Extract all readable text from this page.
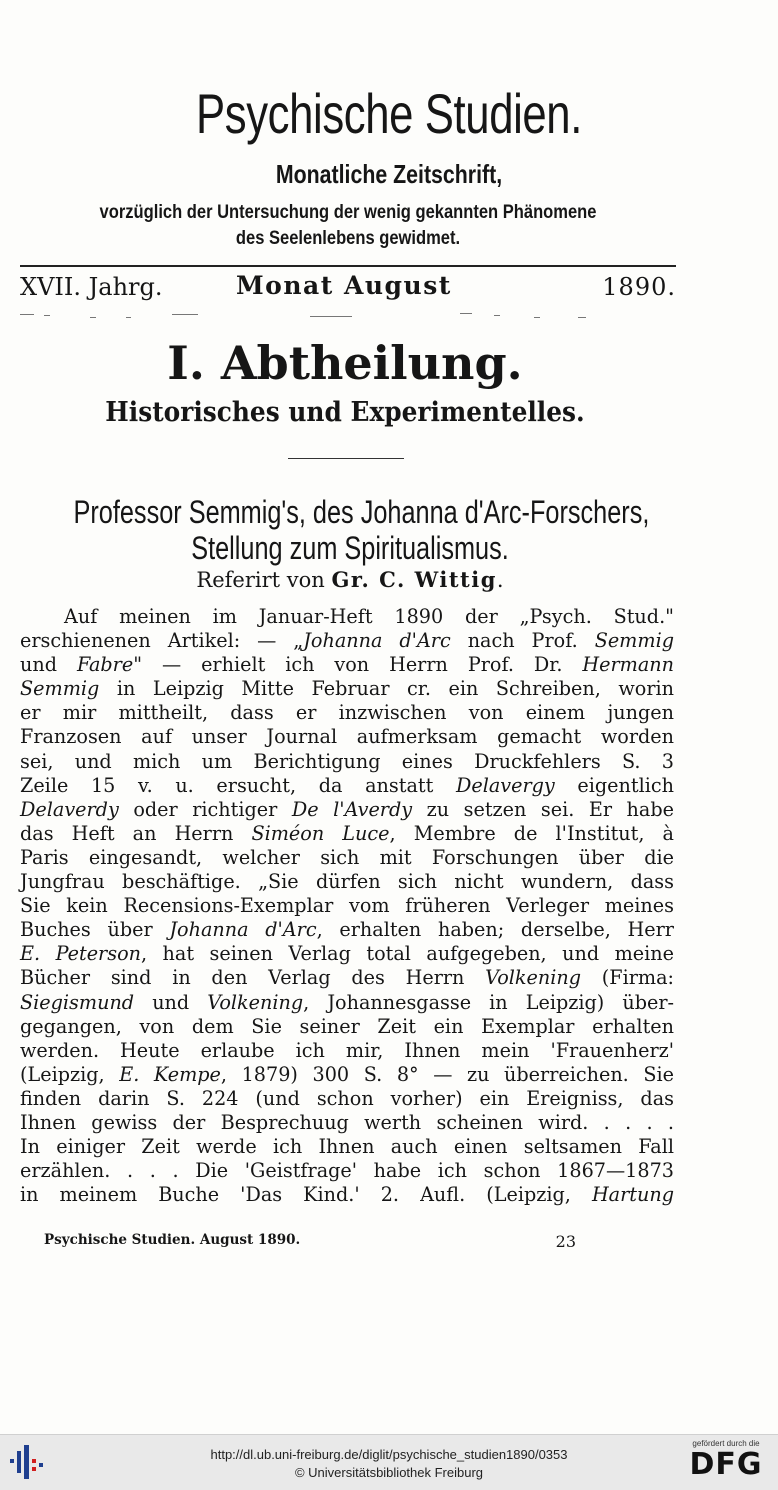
Psychische Studien.
Monatliche Zeitschrift,
vorzüglich der Untersuchung der wenig gekannten Phänomene
des Seelenlebens gewidmet.
XVII. Jahrg.	Monat August	1890.
I. Abtheilung.
Historisches und Experimentelles.
Professor Semmig's, des Johanna d'Arc-Forschers,
Stellung zum Spiritualismus.
Referirt von Gr. C. Wittig.
Auf meinen im Januar-Heft 1890 der „Psych. Stud."
erschienenen Artikel: — „Johanna d'Arc nach Prof. Semmig
und Fabre" — erhielt ich von Herrn Prof. Dr. Hermann
Semmig in Leipzig Mitte Februar cr. ein Schreiben, worin
er mir mittheilt, dass er inzwischen von einem jungen
Franzosen auf unser Journal aufmerksam gemacht worden
sei, und mich um Berichtigung eines Druckfehlers S. 3
Zeile 15 v. u. ersucht, da anstatt Delavergy eigentlich
Delaverdy oder richtiger De l'Averdy zu setzen sei. Er habe
das Heft an Herrn Siméon Luce, Membre de l'Institut, à
Paris eingesandt, welcher sich mit Forschungen über die
Jungfrau beschäftige. „Sie dürfen sich nicht wundern, dass
Sie kein Recensions-Exemplar vom früheren Verleger meines
Buches über Johanna d'Arc, erhalten haben; derselbe, Herr
E. Peterson, hat seinen Verlag total aufgegeben, und meine
Bücher sind in den Verlag des Herrn Volkening (Firma:
Siegismund und Volkening, Johannesgasse in Leipzig) über-
gegangen, von dem Sie seiner Zeit ein Exemplar erhalten
werden. Heute erlaube ich mir, Ihnen mein 'Frauenherz'
(Leipzig, E. Kempe, 1879) 300 S. 8° — zu überreichen. Sie
finden darin S. 224 (und schon vorher) ein Ereigniss, das
Ihnen gewiss der Besprechuug werth scheinen wird. . . . .
In einiger Zeit werde ich Ihnen auch einen seltsamen Fall
erzählen. . . . Die 'Geistfrage' habe ich schon 1867—1873
in meinem Buche 'Das Kind.' 2. Aufl. (Leipzig, Hartung
Psychische Studien. August 1890.	23
http://dl.ub.uni-freiburg.de/diglit/psychische_studien1890/0353
© Universitätsbibliothek Freiburg
gefördert durch die
DFG
